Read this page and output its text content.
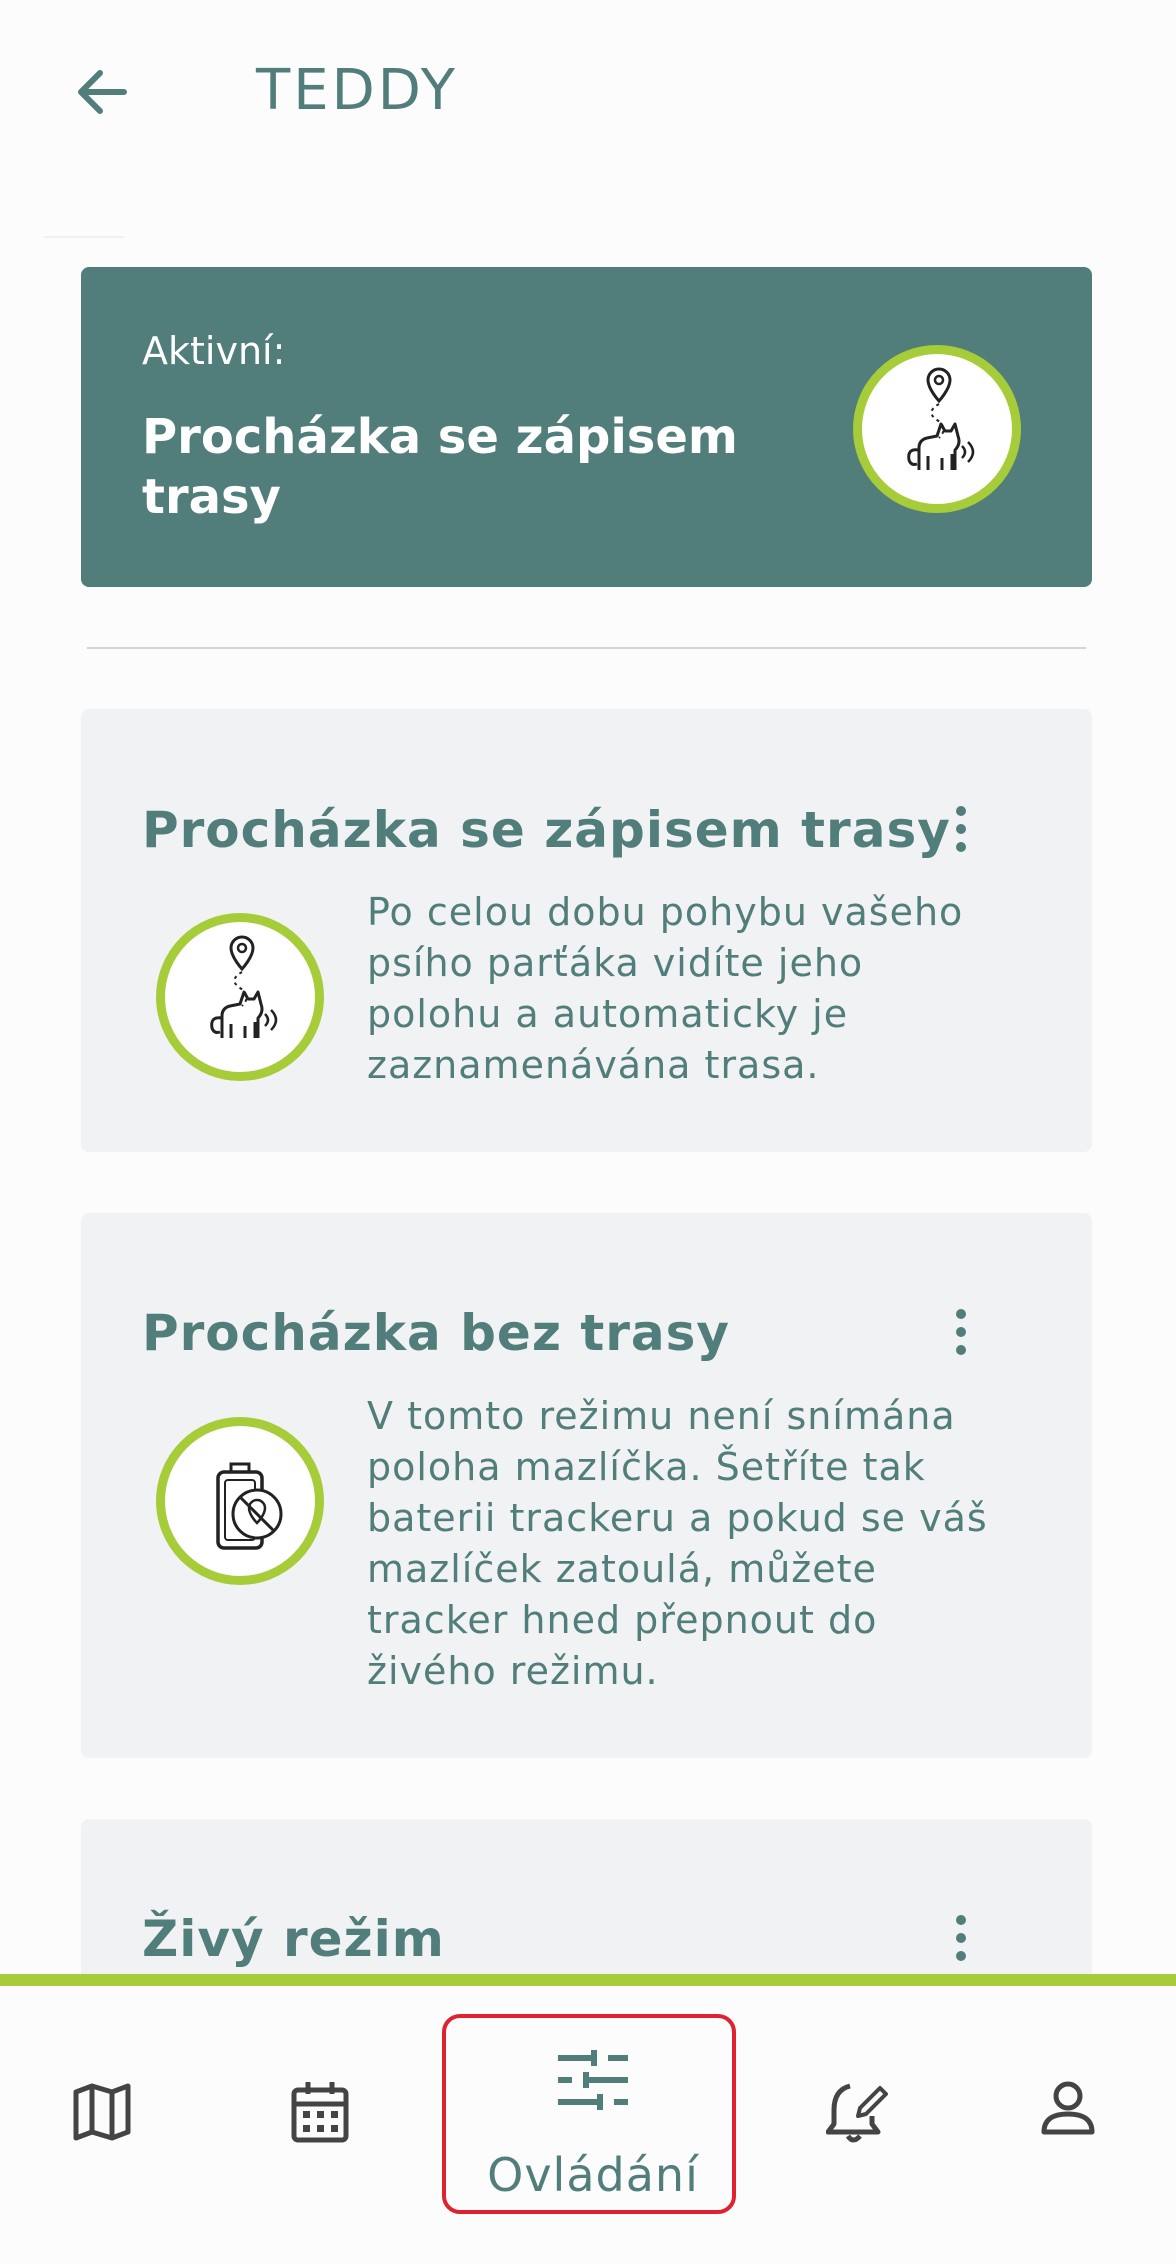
TEDDY
Aktivní:
Procházka se zápisem trasy
Procházka se zápisem trasy
Po celou dobu pohybu vašeho psího parťáka vidíte jeho polohu a automaticky je zaznamenávána trasa.
Procházka bez trasy
V tomto režimu není snímána poloha mazlíčka. Šetříte tak baterii trackeru a pokud se váš mazlíček zatoulá, můžete tracker hned přepnout do živého režimu.
Živý režim
Ovládání
